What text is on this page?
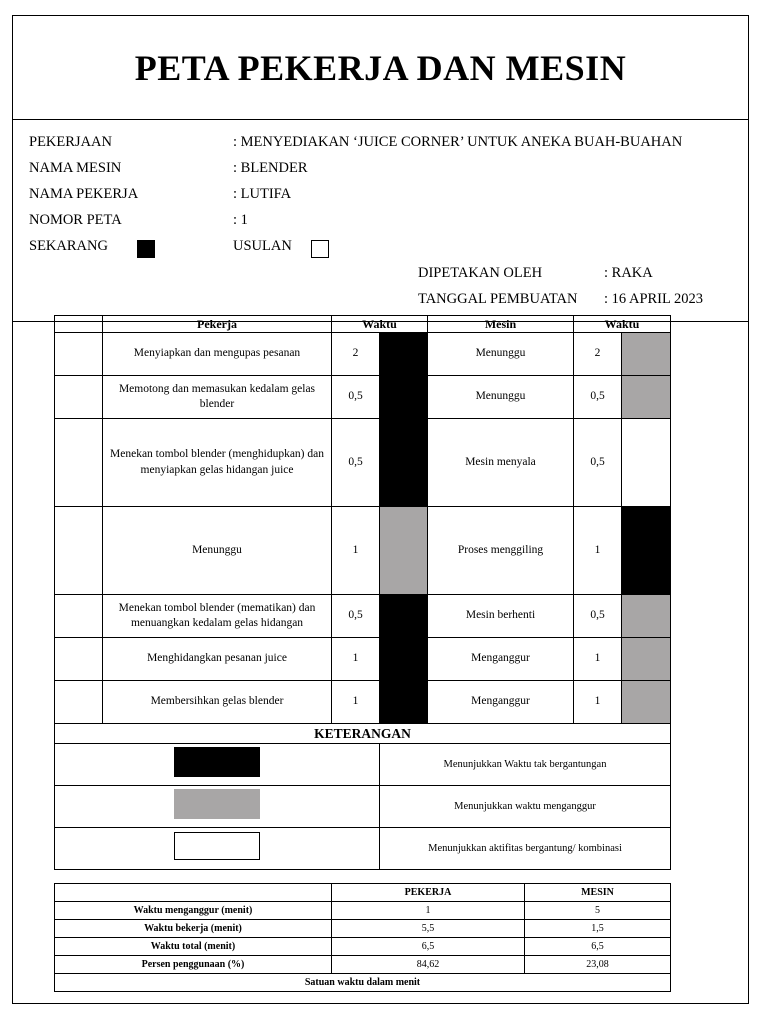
PETA PEKERJA DAN MESIN
PEKERJAAN	: MENYEDIAKAN ‘JUICE CORNER’ UNTUK ANEKA BUAH-BUAHAN
NAMA MESIN	: BLENDER
NAMA PEKERJA	: LUTIFA
NOMOR PETA	: 1
SEKARANG	USULAN
DIPETAKAN OLEH	: RAKA
TANGGAL PEMBUATAN : 16 APRIL 2023
	Pekerja	Waktu		Mesin	Waktu	
	Menyiapkan dan mengupas pesanan	2		Menunggu	2	
	Memotong dan memasukan kedalam gelas blender	0,5		Menunggu	0,5	
	Menekan tombol blender (menghidupkan) dan menyiapkan gelas hidangan juice	0,5		Mesin menyala	0,5	
	Menunggu	1		Proses menggiling	1	
	Menekan tombol blender (mematikan) dan menuangkan kedalam gelas hidangan	0,5		Mesin berhenti	0,5	
	Menghidangkan pesanan juice	1		Menganggur	1	
	Membersihkan gelas blender	1		Menganggur	1	
KETERANGAN						
			Menunjukkan Waktu tak bergantungan			
			Menunjukkan waktu menganggur			
			Menunjukkan aktifitas bergantung/ kombinasi			
	PEKERJA	MESIN
Waktu menganggur (menit)	1	5
Waktu bekerja (menit)	5,5	1,5
Waktu total (menit)	6,5	6,5
Persen penggunaan (%)	84,62	23,08
Satuan waktu dalam menit		
